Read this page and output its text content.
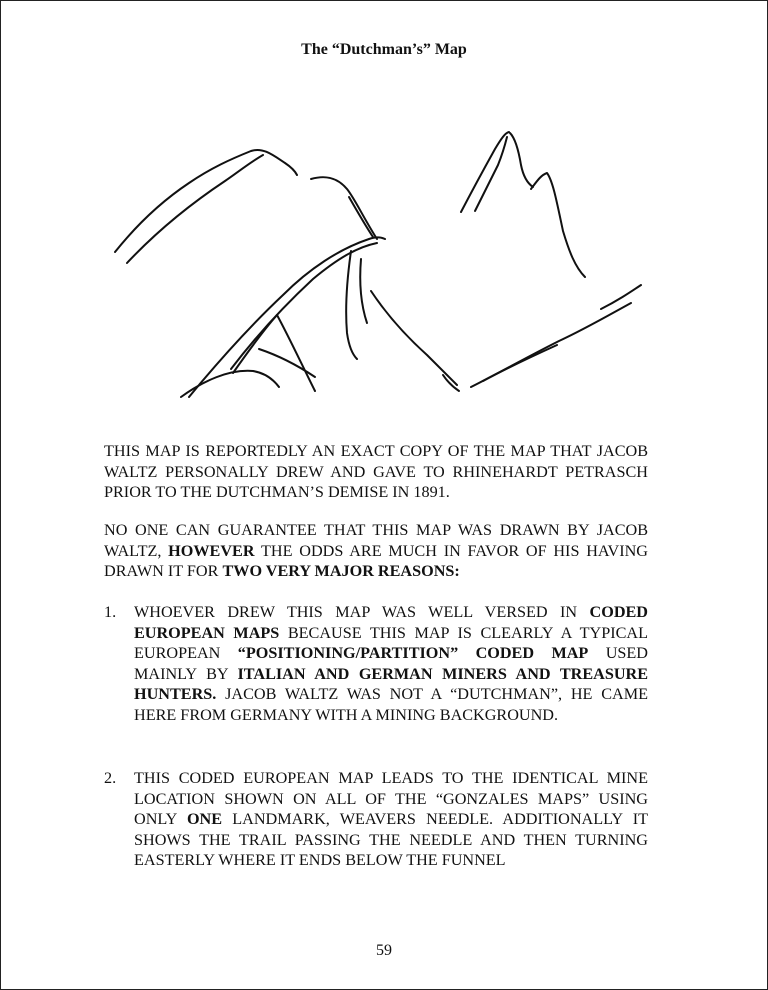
The “Dutchman’s” Map

THIS MAP IS REPORTEDLY AN EXACT COPY OF THE MAP THAT JACOB WALTZ PERSONALLY DREW AND GAVE TO RHINEHARDT PETRASCH PRIOR TO THE DUTCHMAN’S DEMISE IN 1891.

NO ONE CAN GUARANTEE THAT THIS MAP WAS DRAWN BY JACOB WALTZ, HOWEVER THE ODDS ARE MUCH IN FAVOR OF HIS HAVING DRAWN IT FOR TWO VERY MAJOR REASONS:

1. WHOEVER DREW THIS MAP WAS WELL VERSED IN CODED EUROPEAN MAPS BECAUSE THIS MAP IS CLEARLY A TYPICAL EUROPEAN “POSITIONING/PARTITION” CODED MAP USED MAINLY BY ITALIAN AND GERMAN MINERS AND TREASURE HUNTERS. JACOB WALTZ WAS NOT A “DUTCHMAN”, HE CAME HERE FROM GERMANY WITH A MINING BACKGROUND.
2. THIS CODED EUROPEAN MAP LEADS TO THE IDENTICAL MINE LOCATION SHOWN ON ALL OF THE “GONZALES MAPS” USING ONLY ONE LANDMARK, WEAVERS NEEDLE. ADDITIONALLY IT SHOWS THE TRAIL PASSING THE NEEDLE AND THEN TURNING EASTERLY WHERE IT ENDS BELOW THE FUNNEL
59
